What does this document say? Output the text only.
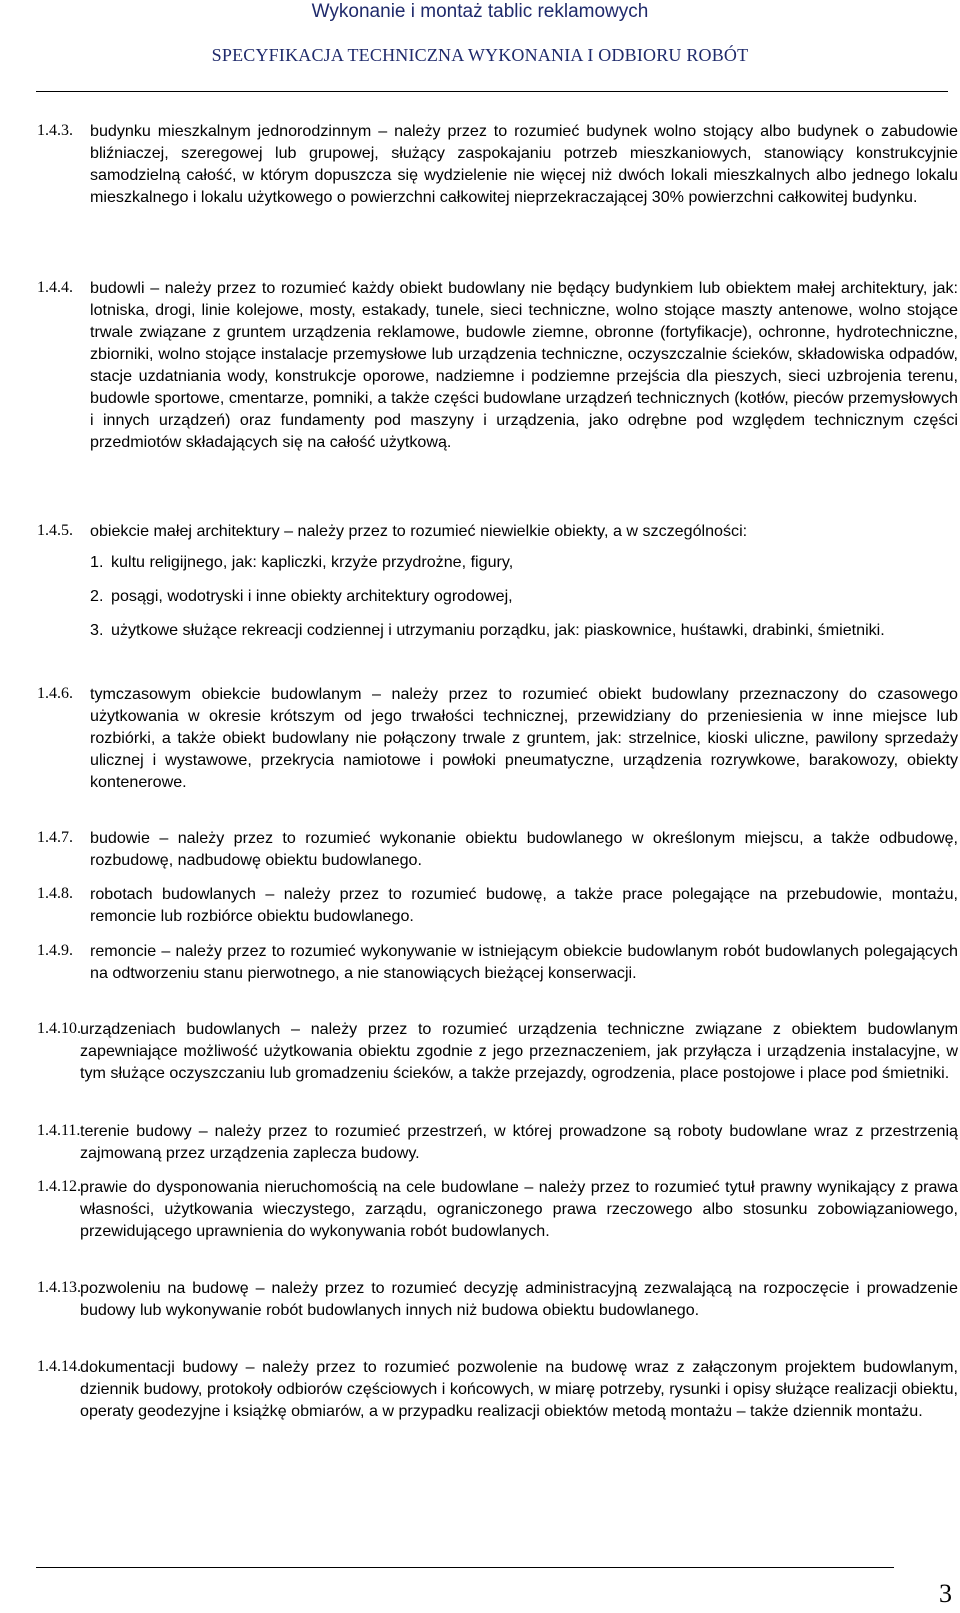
Wykonanie i montaż tablic reklamowych
SPECYFIKACJA TECHNICZNA WYKONANIA I ODBIORU ROBÓT
1.4.3. budynku mieszkalnym jednorodzinnym – należy przez to rozumieć budynek wolno stojący albo budynek o zabudowie bliźniaczej, szeregowej lub grupowej, służący zaspokajaniu potrzeb mieszkaniowych, stanowiący konstrukcyjnie samodzielną całość, w którym dopuszcza się wydzielenie nie więcej niż dwóch lokali mieszkalnych albo jednego lokalu mieszkalnego i lokalu użytkowego o powierzchni całkowitej nieprzekraczającej 30% powierzchni całkowitej budynku.
1.4.4. budowli – należy przez to rozumieć każdy obiekt budowlany nie będący budynkiem lub obiektem małej architektury, jak: lotniska, drogi, linie kolejowe, mosty, estakady, tunele, sieci techniczne, wolno stojące maszty antenowe, wolno stojące trwale związane z gruntem urządzenia reklamowe, budowle ziemne, obronne (fortyfikacje), ochronne, hydrotechniczne, zbiorniki, wolno stojące instalacje przemysłowe lub urządzenia techniczne, oczyszczalnie ścieków, składowiska odpadów, stacje uzdatniania wody, konstrukcje oporowe, nadziemne i podziemne przejścia dla pieszych, sieci uzbrojenia terenu, budowle sportowe, cmentarze, pomniki, a także części budowlane urządzeń technicznych (kotłów, pieców przemysłowych i innych urządzeń) oraz fundamenty pod maszyny i urządzenia, jako odrębne pod względem technicznym części przedmiotów składających się na całość użytkową.
1.4.5. obiekcie małej architektury – należy przez to rozumieć niewielkie obiekty, a w szczególności:
1. kultu religijnego, jak: kapliczki, krzyże przydrożne, figury,
2. posągi, wodotryski i inne obiekty architektury ogrodowej,
3. użytkowe służące rekreacji codziennej i utrzymaniu porządku, jak: piaskownice, huśtawki, drabinki, śmietniki.
1.4.6. tymczasowym obiekcie budowlanym – należy przez to rozumieć obiekt budowlany przeznaczony do czasowego użytkowania w okresie krótszym od jego trwałości technicznej, przewidziany do przeniesienia w inne miejsce lub rozbiórki, a także obiekt budowlany nie połączony trwale z gruntem, jak: strzelnice, kioski uliczne, pawilony sprzedaży ulicznej i wystawowe, przekrycia namiotowe i powłoki pneumatyczne, urządzenia rozrywkowe, barakowozy, obiekty kontenerowe.
1.4.7. budowie – należy przez to rozumieć wykonanie obiektu budowlanego w określonym miejscu, a także odbudowę, rozbudowę, nadbudowę obiektu budowlanego.
1.4.8. robotach budowlanych – należy przez to rozumieć budowę, a także prace polegające na przebudowie, montażu, remoncie lub rozbiórce obiektu budowlanego.
1.4.9. remoncie – należy przez to rozumieć wykonywanie w istniejącym obiekcie budowlanym robót budowlanych polegających na odtworzeniu stanu pierwotnego, a nie stanowiących bieżącej konserwacji.
1.4.10. urządzeniach budowlanych – należy przez to rozumieć urządzenia techniczne związane z obiektem budowlanym zapewniające możliwość użytkowania obiektu zgodnie z jego przeznaczeniem, jak przyłącza i urządzenia instalacyjne, w tym służące oczyszczaniu lub gromadzeniu ścieków, a także przejazdy, ogrodzenia, place postojowe i place pod śmietniki.
1.4.11. terenie budowy – należy przez to rozumieć przestrzeń, w której prowadzone są roboty budowlane wraz z przestrzenią zajmowaną przez urządzenia zaplecza budowy.
1.4.12. prawie do dysponowania nieruchomością na cele budowlane – należy przez to rozumieć tytuł prawny wynikający z prawa własności, użytkowania wieczystego, zarządu, ograniczonego prawa rzeczowego albo stosunku zobowiązaniowego, przewidującego uprawnienia do wykonywania robót budowlanych.
1.4.13. pozwoleniu na budowę – należy przez to rozumieć decyzję administracyjną zezwalającą na rozpoczęcie i prowadzenie budowy lub wykonywanie robót budowlanych innych niż budowa obiektu budowlanego.
1.4.14. dokumentacji budowy – należy przez to rozumieć pozwolenie na budowę wraz z załączonym projektem budowlanym, dziennik budowy, protokoły odbiorów częściowych i końcowych, w miarę potrzeby, rysunki i opisy służące realizacji obiektu, operaty geodezyjne i książkę obmiarów, a w przypadku realizacji obiektów metodą montażu – także dziennik montażu.
3
